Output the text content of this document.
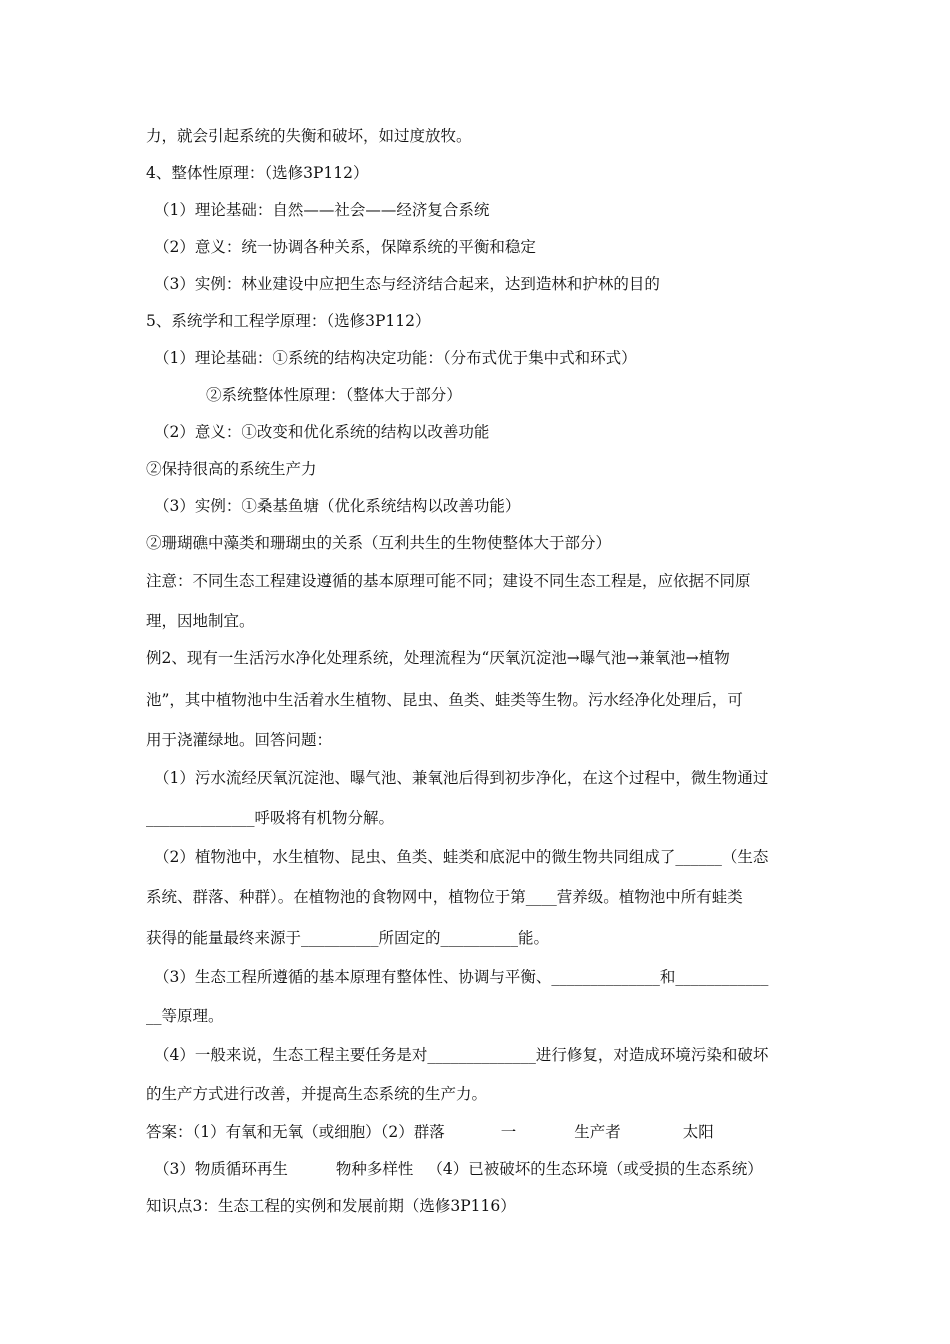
力，就会引起系统的失衡和破坏，如过度放牧。

4、整体性原理：（选修3P112）

（1）理论基础：自然——社会——经济复合系统

（2）意义：统一协调各种关系，保障系统的平衡和稳定

（3）实例：林业建设中应把生态与经济结合起来，达到造林和护林的目的

5、系统学和工程学原理：（选修3P112）

（1）理论基础：①系统的结构决定功能：（分布式优于集中式和环式）

②系统整体性原理：（整体大于部分）

（2）意义：①改变和优化系统的结构以改善功能

②保持很高的系统生产力

（3）实例：①桑基鱼塘（优化系统结构以改善功能）

②珊瑚礁中藻类和珊瑚虫的关系（互利共生的生物使整体大于部分）

注意：不同生态工程建设遵循的基本原理可能不同；建设不同生态工程是，应依据不同原

理，因地制宜。

例2、现有一生活污水净化处理系统，处理流程为“厌氧沉淀池→曝气池→兼氧池→植物

池”，其中植物池中生活着水生植物、昆虫、鱼类、蛙类等生物。污水经净化处理后，可

用于浇灌绿地。回答问题：

（1）污水流经厌氧沉淀池、曝气池、兼氧池后得到初步净化，在这个过程中，微生物通过

______________呼吸将有机物分解。

（2）植物池中，水生植物、昆虫、鱼类、蛙类和底泥中的微生物共同组成了______（生态

系统、群落、种群）。在植物池的食物网中，植物位于第____营养级。植物池中所有蛙类

获得的能量最终来源于__________所固定的__________能。

（3）生态工程所遵循的基本原理有整体性、协调与平衡、______________和____________

__等原理。

（4）一般来说，生态工程主要任务是对______________进行修复，对造成环境污染和破坏

的生产方式进行改善，并提高生态系统的生产力。

答案：（1）有氧和无氧（或细胞）（2）群落	一	生产者	太阳

（3）物质循环再生	物种多样性 （4）已被破坏的生态环境（或受损的生态系统）

知识点3：生态工程的实例和发展前期（选修3P116）
